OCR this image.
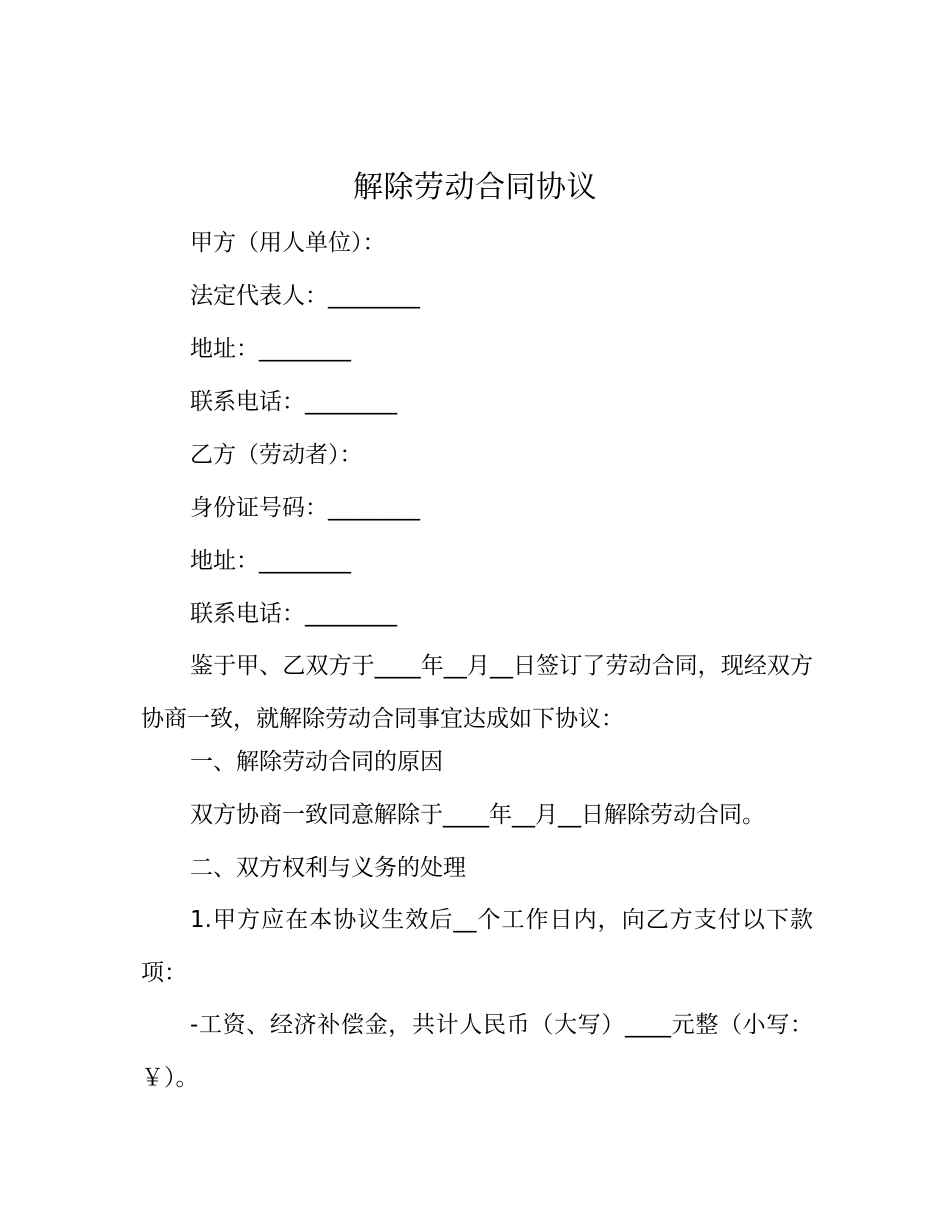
解除劳动合同协议
甲方（用人单位）：
法定代表人：________
地址：________
联系电话：________
乙方（劳动者）：
身份证号码：________
地址：________
联系电话：________
鉴于甲、乙双方于____年__月__日签订了劳动合同，现经双方协商一致，就解除劳动合同事宜达成如下协议：
一、解除劳动合同的原因
双方协商一致同意解除于____年__月__日解除劳动合同。
二、双方权利与义务的处理
1.甲方应在本协议生效后__个工作日内，向乙方支付以下款项：
-工资、经济补偿金，共计人民币（大写）____元整（小写：￥）。
